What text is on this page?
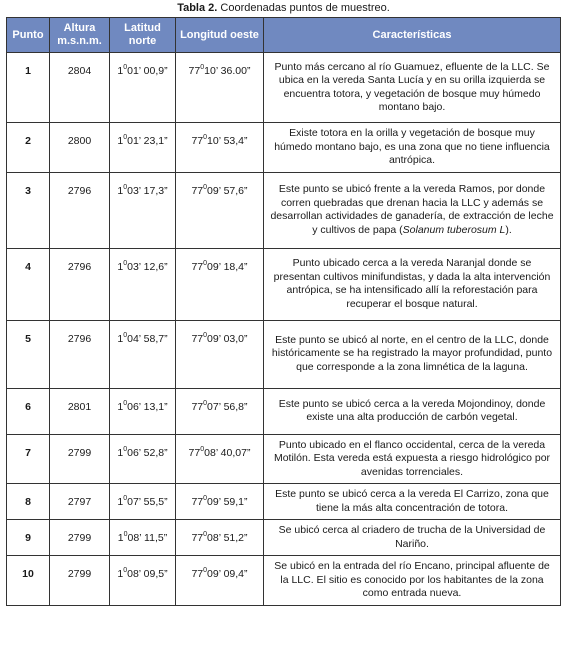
Tabla 2. Coordenadas puntos de muestreo.
Punto	Altura m.s.n.m.	Latitud norte	Longitud oeste	Características
1	2804	$1^001$’ 00,9”	$77^010$’ 36.00”	Punto más cercano al río Guamuez, efluente de la LLC. Se ubica en la vereda Santa Lucía y en su orilla izquierda se encuentra totora, y vegetación de bosque muy húmedo montano bajo.
2	2800	$1^001$’ 23,1”	$77^010$’ 53,4”	Existe totora en la orilla y vegetación de bosque muy húmedo montano bajo, es una zona que no tiene influencia antrópica.
3	2796	$1^003$’ 17,3”	$77^009$’ 57,6”	Este punto se ubicó frente a la vereda Ramos, por donde corren quebradas que drenan hacia la LLC y además se desarrollan actividades de ganadería, de extracción de leche y cultivos de papa (Solanum tuberosum L).
4	2796	$1^003$’ 12,6”	$77^009$’ 18,4”	Punto ubicado cerca a la vereda Naranjal donde se presentan cultivos minifundistas, y dada la alta intervención antrópica, se ha intensificado allí la reforestación para recuperar el bosque natural.
5	2796	$1^004$’ 58,7”	$77^009$’ 03,0”	Este punto se ubicó al norte, en el centro de la LLC, donde históricamente se ha registrado la mayor profundidad, punto que corresponde a la zona limnética de la laguna.
6	2801	$1^006$’ 13,1”	$77^007$’ 56,8”	Este punto se ubicó cerca a la vereda Mojondinoy, donde existe una alta producción de carbón vegetal.
7	2799	$1^006$’ 52,8”	$77^008$’ 40,07”	Punto ubicado en el flanco occidental, cerca de la vereda Motilón. Esta vereda está expuesta a riesgo hidrológico por avenidas torrenciales.
8	2797	$1^007$’ 55,5”	$77^009$’ 59,1”	Este punto se ubicó cerca a la vereda El Carrizo, zona que tiene la más alta concentración de totora.
9	2799	$1^008$’ 11,5”	$77^008$’ 51,2”	Se ubicó cerca al criadero de trucha de la Universidad de Nariño.
10	2799	$1^008$’ 09,5”	$77^009$’ 09,4”	Se ubicó en la entrada del río Encano, principal afluente de la LLC. El sitio es conocido por los habitantes de la zona como entrada nueva.
